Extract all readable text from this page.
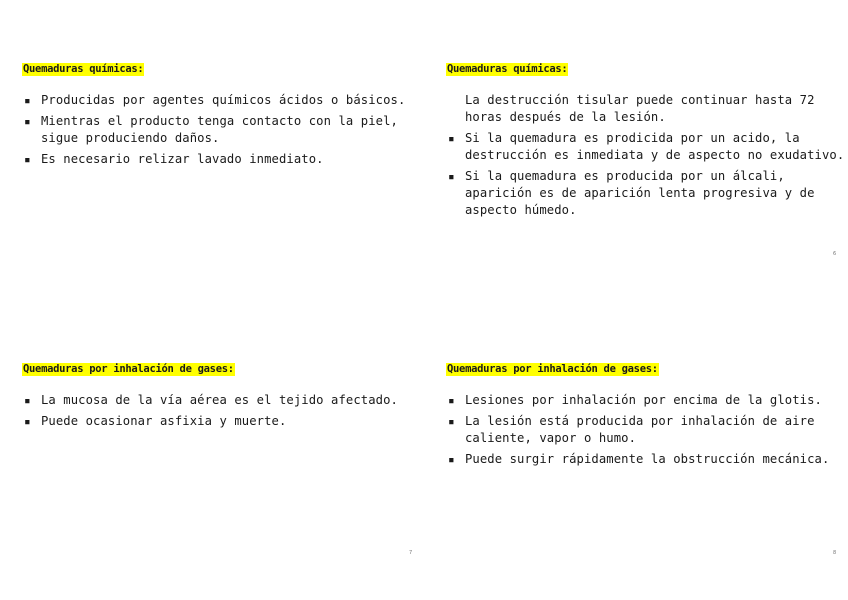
Quemaduras químicas:
▪ Producidas por agentes químicos ácidos o básicos.
▪ Mientras el producto tenga contacto con la piel, sigue produciendo daños.
▪ Es necesario relizar lavado inmediato.
Quemaduras químicas:
La destrucción tisular puede continuar hasta 72 horas después de la lesión.
▪ Si la quemadura es prodicida por un acido, la destrucción es inmediata y de aspecto no exudativo.
▪ Si la quemadura es producida por un álcali, aparición es de aparición lenta progresiva y de aspecto húmedo.
Quemaduras por inhalación de gases:
▪ La mucosa de la vía aérea es el tejido afectado.
▪ Puede ocasionar asfixia y muerte.
Quemaduras por inhalación de gases:
▪ Lesiones por inhalación por encima de la glotis.
▪ La lesión está producida por inhalación de aire caliente, vapor o humo.
▪ Puede surgir rápidamente la obstrucción mecánica.
6
7	8
